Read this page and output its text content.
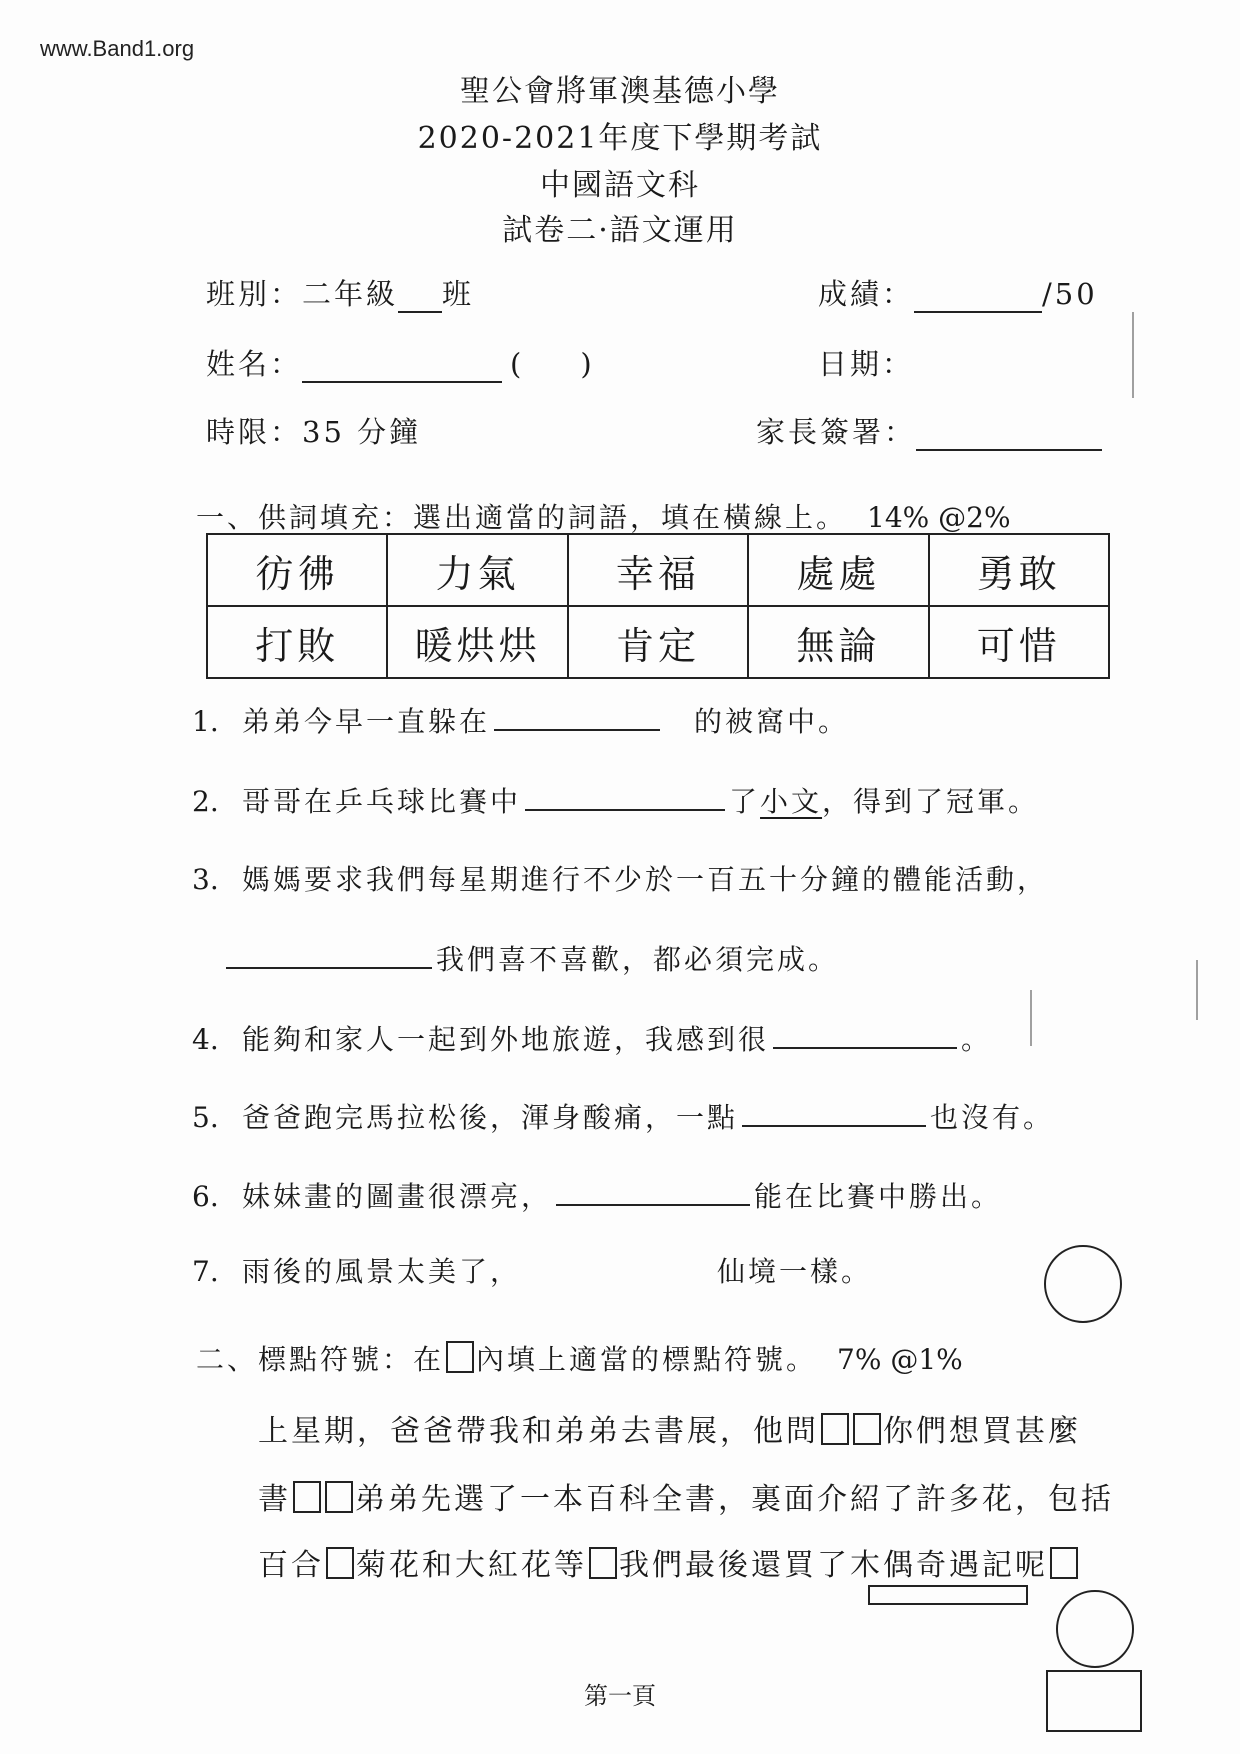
www.Band1.org
聖公會將軍澳基德小學
2020-2021年度下學期考試
中國語文科
試卷二·語文運用
班別：二年級 班	成績：	/50
姓名：	( )	日期：
時限：35 分鐘	家長簽署：
一、供詞填充：選出適當的詞語，填在橫線上。 14% @2%
彷彿	力氣	幸福	處處	勇敢
打敗	暖烘烘	肯定	無論	可惜
1. 弟弟今早一直躲在	的被窩中。
2. 哥哥在乒乓球比賽中	了小文，得到了冠軍。
3. 媽媽要求我們每星期進行不少於一百五十分鐘的體能活動，
我們喜不喜歡，都必須完成。
4. 能夠和家人一起到外地旅遊，我感到很	。
5. 爸爸跑完馬拉松後，渾身酸痛，一點	也沒有。
6. 妹妹畫的圖畫很漂亮，	能在比賽中勝出。
7. 雨後的風景太美了，	仙境一樣。
二、標點符號：在 內填上適當的標點符號。 7% @1%
上星期，爸爸帶我和弟弟去書展，他問 你們想買甚麼
書 弟弟先選了一本百科全書，裏面介紹了許多花，包括
百合 菊花和大紅花等 我們最後還買了木偶奇遇記呢
第一頁
